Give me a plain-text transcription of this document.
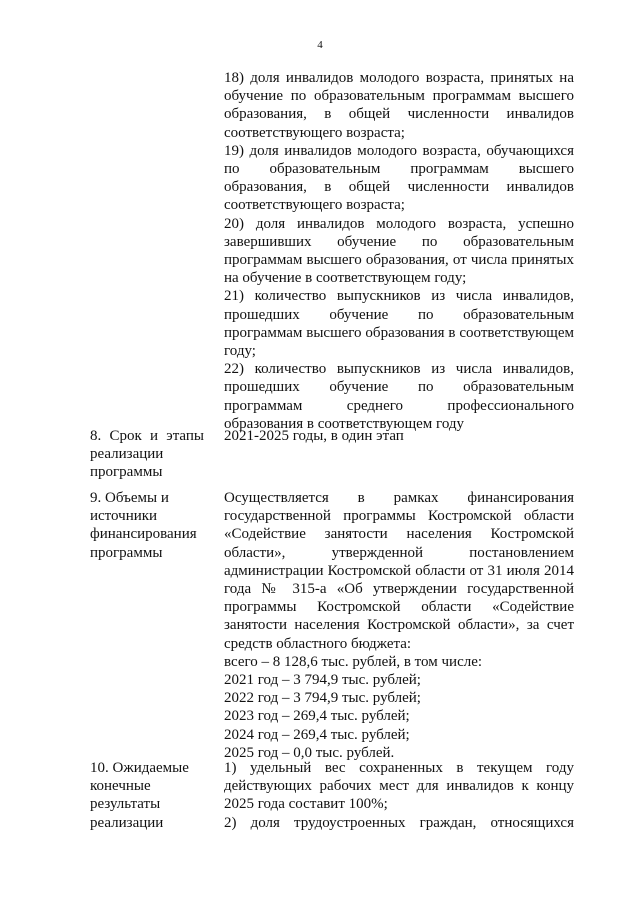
4

18) доля инвалидов молодого возраста, принятых на обучение по образовательным программам высшего образования, в общей численности инвалидов соответствующего возраста;

19) доля инвалидов молодого возраста, обучающихся по образовательным программам высшего образования, в общей численности инвалидов соответствующего возраста;

20) доля инвалидов молодого возраста, успешно завершивших обучение по образовательным программам высшего образования, от числа принятых на обучение в соответствующем году;

21) количество выпускников из числа инвалидов, прошедших обучение по образовательным программам высшего образования в соответствующем году;

22) количество выпускников из числа инвалидов, прошедших обучение по образовательным программам среднего профессионального образования в соответствующем году

8. Срок и этапы
реализации
программы
2021-2025 годы, в один этап
9. Объемы и
источники
финансирования
программы

Осуществляется в рамках финансирования государственной программы Костромской области «Содействие занятости населения Костромской области», утвержденной постановлением администрации Костромской области от 31 июля 2014 года № 315-а «Об утверждении государственной программы Костромской области «Содействие занятости населения Костромской области», за счет средств областного бюджета:

всего – 8 128,6 тыс. рублей, в том числе:
2021 год – 3 794,9 тыс. рублей;
2022 год – 3 794,9 тыс. рублей;
2023 год – 269,4 тыс. рублей;
2024 год – 269,4 тыс. рублей;
2025 год – 0,0 тыс. рублей.
10. Ожидаемые
конечные
результаты
реализации

1) удельный вес сохраненных в текущем году действующих рабочих мест для инвалидов к концу 2025 года составит 100%;

2) доля трудоустроенных граждан, относящихся
